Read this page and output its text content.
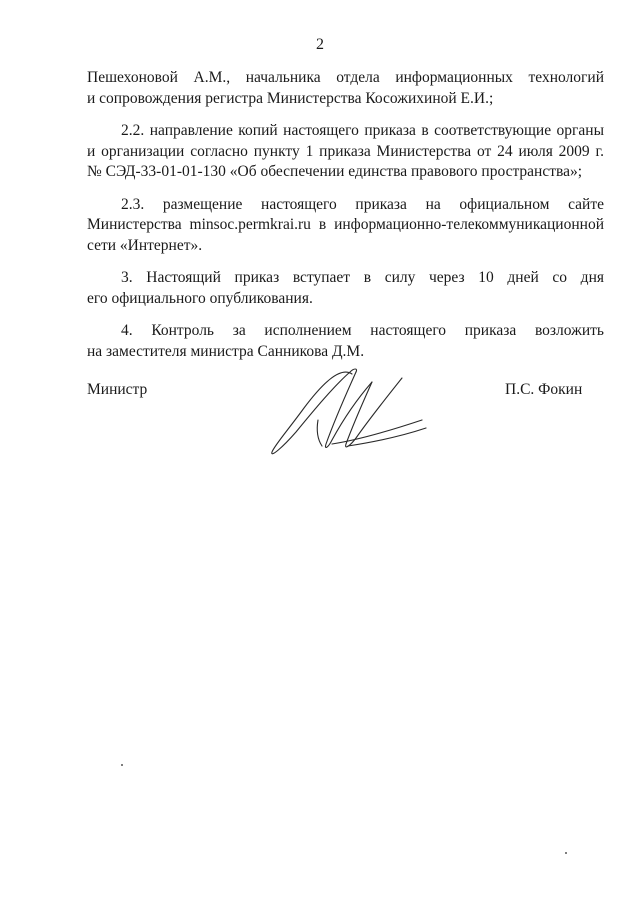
2

Пешехоновой А.М., начальника отдела информационных технологий
и сопровождения регистра Министерства Косожихиной Е.И.;

2.2. направление копий настоящего приказа в соответствующие органы
и организации согласно пункту 1 приказа Министерства от 24 июля 2009 г.
№ СЭД-33-01-01-130 «Об обеспечении единства правового пространства»;

2.3. размещение настоящего приказа на официальном сайте
Министерства minsoc.permkrai.ru в информационно-телекоммуникационной
сети «Интернет».

3. Настоящий приказ вступает в силу через 10 дней со дня
его официального опубликования.

4. Контроль за исполнением настоящего приказа возложить
на заместителя министра Санникова Д.М.

Министр	П.С. Фокин
